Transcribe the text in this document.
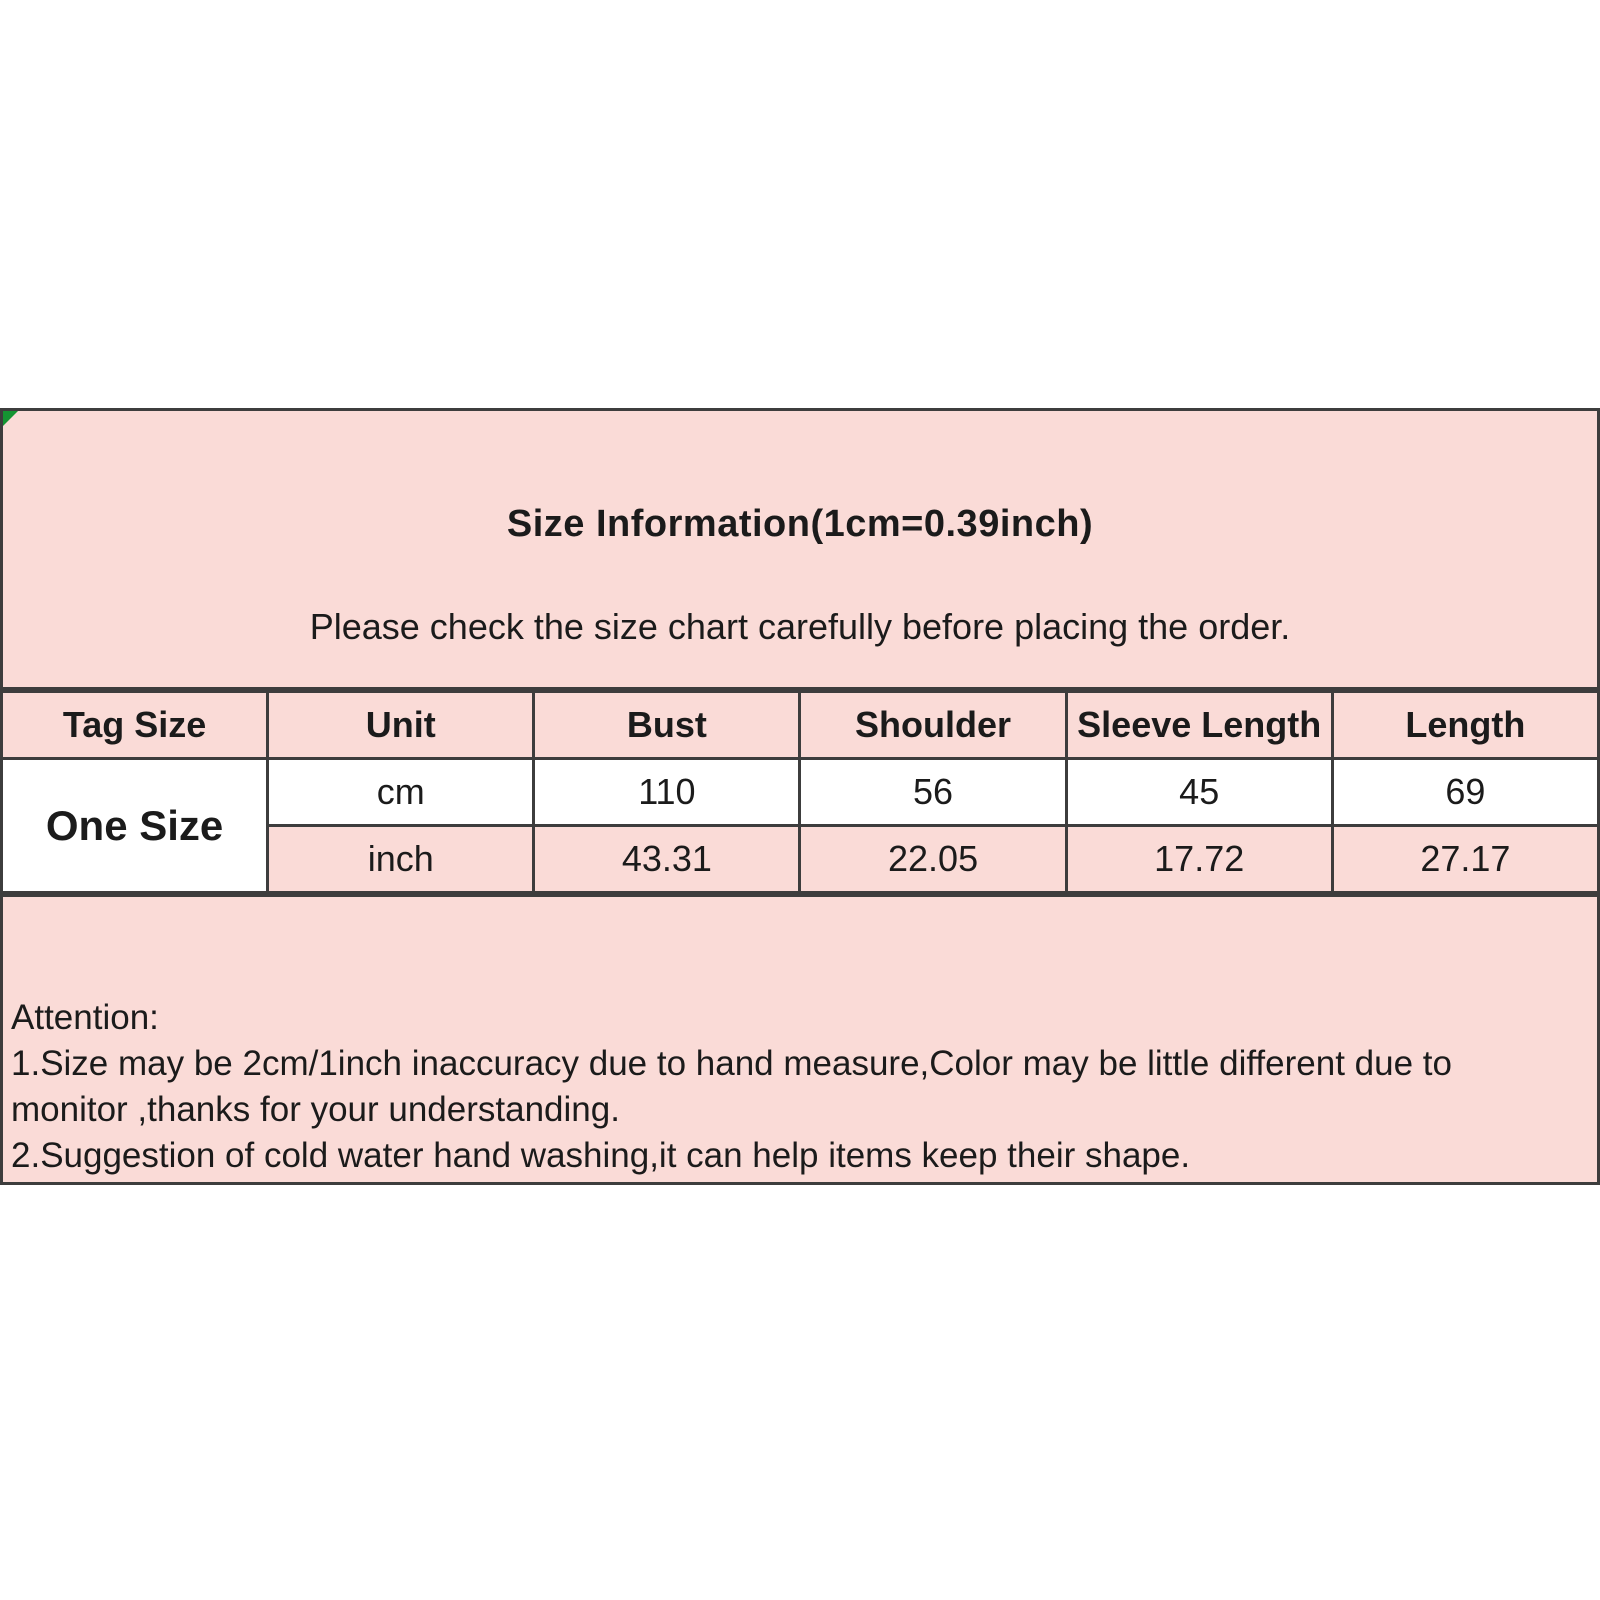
Size Information(1cm=0.39inch)
Please check the size chart carefully before placing the order.
Tag Size	Unit	Bust	Shoulder	Sleeve Length	Length
One Size	cm	110	56	45	69
	inch	43.31	22.05	17.72	27.17
Attention:
1.Size may be 2cm/1inch inaccuracy due to hand measure,Color may be little different due to
monitor ,thanks for your understanding.
2.Suggestion of cold water hand washing,it can help items keep their shape.
